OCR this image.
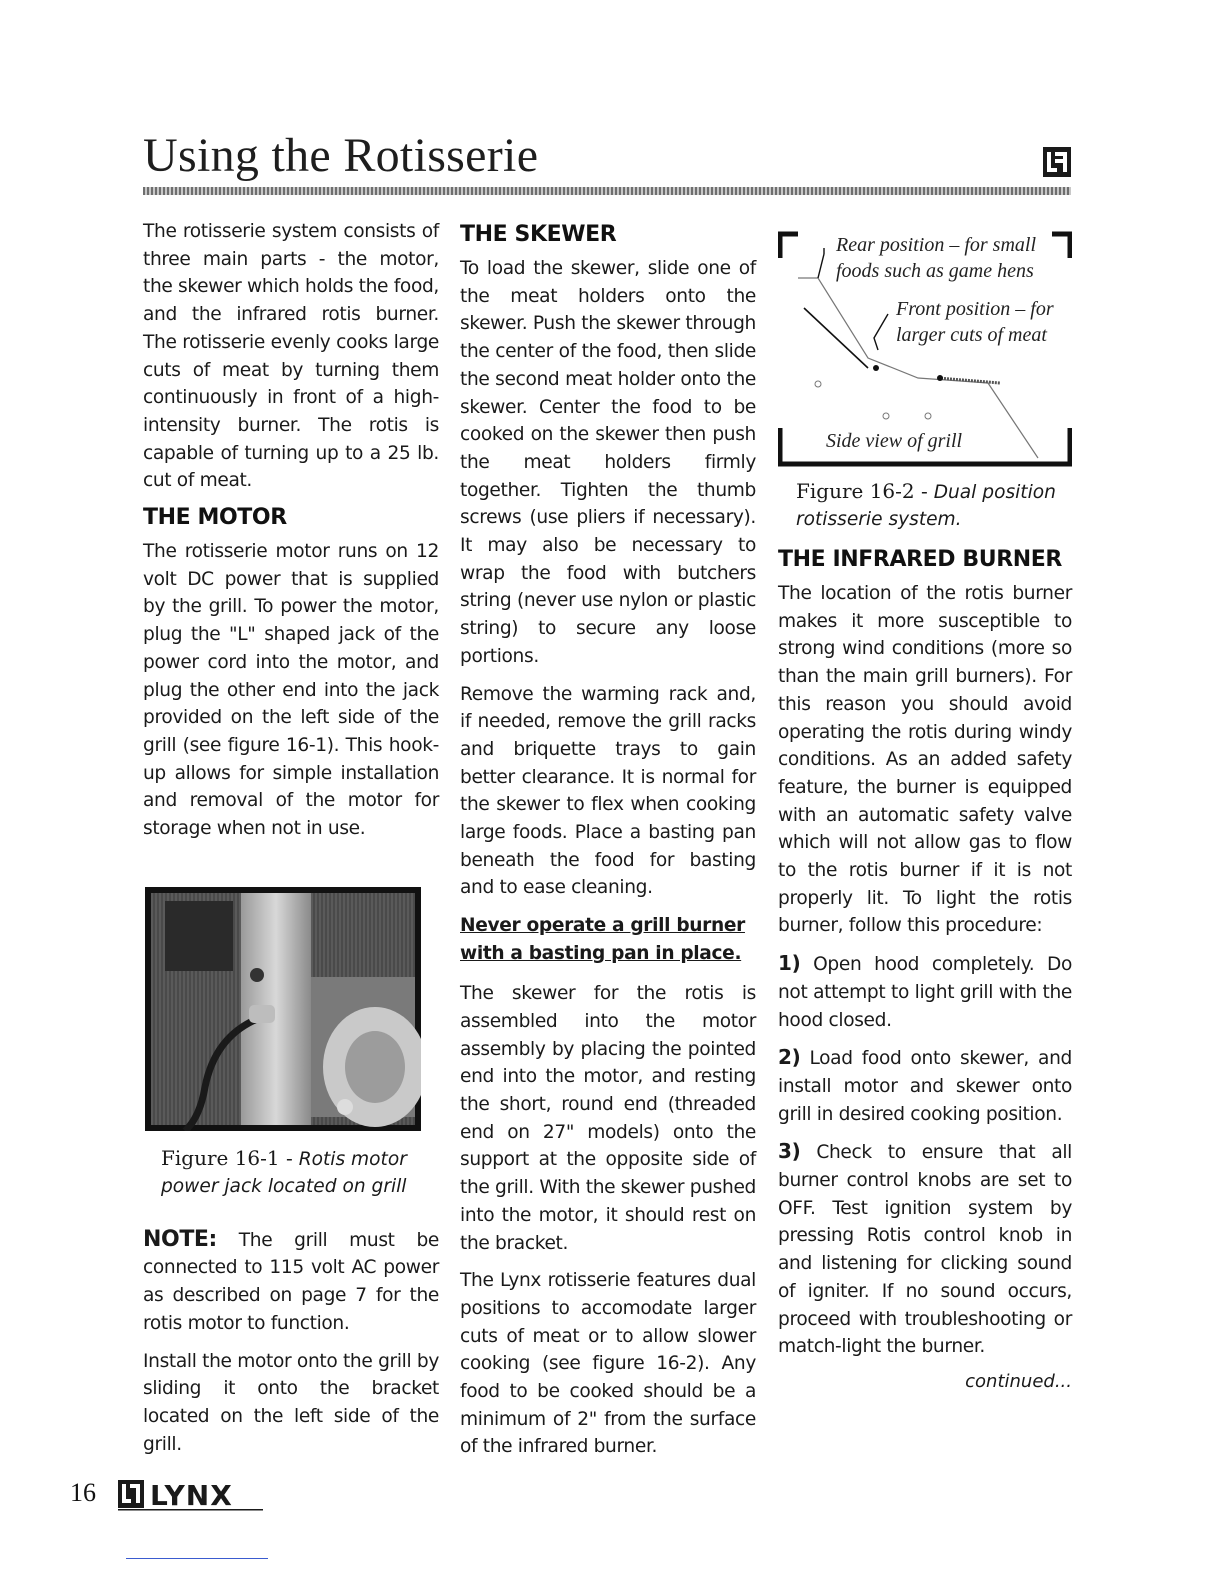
Using the Rotisserie

The rotisserie system consists of three main parts - the motor, the skewer which holds the food, and the infrared rotis burner. The rotisserie evenly cooks large cuts of meat by turning them continuously in front of a high-intensity burner. The rotis is capable of turning up to a 25 lb. cut of meat.

THE MOTOR

The rotisserie motor runs on 12 volt DC power that is supplied by the grill. To power the motor, plug the "L" shaped jack of the power cord into the motor, and plug the other end into the jack provided on the left side of the grill (see figure 16-1). This hook-up allows for simple installation and removal of the motor for storage when not in use.

Figure 16-1 - Rotis motor power jack located on grill

NOTE: The grill must be connected to 115 volt AC power as described on page 7 for the rotis motor to function.

Install the motor onto the grill by sliding it onto the bracket located on the left side of the grill.

THE SKEWER

To load the skewer, slide one of the meat holders onto the skewer. Push the skewer through the center of the food, then slide the second meat holder onto the skewer. Center the food to be cooked on the skewer then push the meat holders firmly together. Tighten the thumb screws (use pliers if necessary). It may also be necessary to wrap the food with butchers string (never use nylon or plastic string) to secure any loose portions.

Remove the warming rack and, if needed, remove the grill racks and briquette trays to gain better clearance. It is normal for the skewer to flex when cooking large foods. Place a basting pan beneath the food for basting and to ease cleaning.

Never operate a grill burner with a basting pan in place.

The skewer for the rotis is assembled into the motor assembly by placing the pointed end into the motor, and resting the short, round end (threaded end on 27" models) onto the support at the opposite side of the grill. With the skewer pushed into the motor, it should rest on the bracket.

The Lynx rotisserie features dual positions to accomodate larger cuts of meat or to allow slower cooking (see figure 16-2). Any food to be cooked should be a minimum of 2" from the surface of the infrared burner.

Rear position – for small
foods such as game hens
Front position – for
larger cuts of meat
Side view of grill
Figure 16-2 - Dual position rotisserie system.
THE INFRARED BURNER

The location of the rotis burner makes it more susceptible to strong wind conditions (more so than the main grill burners). For this reason you should avoid operating the rotis during windy conditions. As an added safety feature, the burner is equipped with an automatic safety valve which will not allow gas to flow to the rotis burner if it is not properly lit. To light the rotis burner, follow this procedure:

1) Open hood completely. Do not attempt to light grill with the hood closed.

2) Load food onto skewer, and install motor and skewer onto grill in desired cooking position.

3) Check to ensure that all burner control knobs are set to OFF. Test ignition system by pressing Rotis control knob in and listening for clicking sound of igniter. If no sound occurs, proceed with troubleshooting or match-light the burner.

continued...
16 LYNX
